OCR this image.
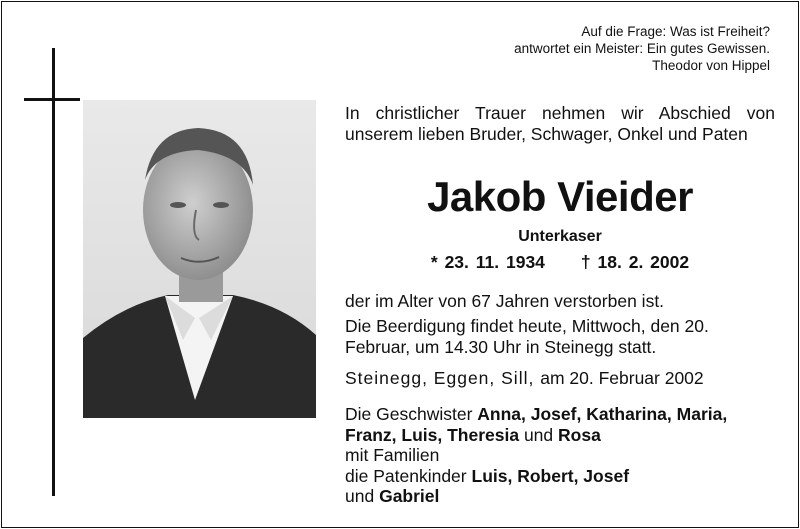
Auf die Frage: Was ist Freiheit?
antwortet ein Meister: Ein gutes Gewissen.
Theodor von Hippel
In christlicher Trauer nehmen wir Abschied von unserem lieben Bruder, Schwager, Onkel und Paten
Jakob Vieider
Unterkaser
* 23. 11. 1934 † 18. 2. 2002
der im Alter von 67 Jahren verstorben ist.
Die Beerdigung findet heute, Mittwoch, den 20. Februar, um 14.30 Uhr in Steinegg statt.
Steinegg, Eggen, Sill, am 20. Februar 2002
Die Geschwister Anna, Josef, Katharina, Maria, Franz, Luis, Theresia und Rosa
mit Familien
die Patenkinder Luis, Robert, Josef
und Gabriel
